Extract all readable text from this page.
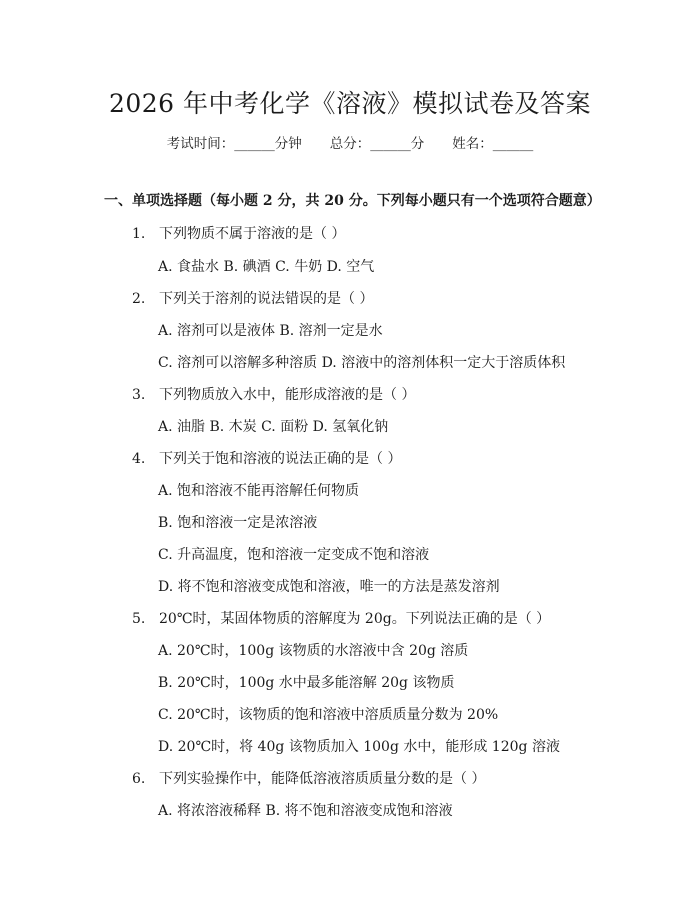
2026 年中考化学《溶液》模拟试卷及答案
考试时间：______分钟 总分：______分 姓名：______
一、单项选择题（每小题 2 分，共 20 分。下列每小题只有一个选项符合题意）
1. 下列物质不属于溶液的是（ ）
A. 食盐水 B. 碘酒 C. 牛奶 D. 空气
2. 下列关于溶剂的说法错误的是（ ）
A. 溶剂可以是液体 B. 溶剂一定是水
C. 溶剂可以溶解多种溶质 D. 溶液中的溶剂体积一定大于溶质体积
3. 下列物质放入水中，能形成溶液的是（ ）
A. 油脂 B. 木炭 C. 面粉 D. 氢氧化钠
4. 下列关于饱和溶液的说法正确的是（ ）
A. 饱和溶液不能再溶解任何物质
B. 饱和溶液一定是浓溶液
C. 升高温度，饱和溶液一定变成不饱和溶液
D. 将不饱和溶液变成饱和溶液，唯一的方法是蒸发溶剂
5. 20℃时，某固体物质的溶解度为 20g。下列说法正确的是（ ）
A. 20℃时，100g 该物质的水溶液中含 20g 溶质
B. 20℃时，100g 水中最多能溶解 20g 该物质
C. 20℃时，该物质的饱和溶液中溶质质量分数为 20%
D. 20℃时，将 40g 该物质加入 100g 水中，能形成 120g 溶液
6. 下列实验操作中，能降低溶液溶质质量分数的是（ ）
A. 将浓溶液稀释 B. 将不饱和溶液变成饱和溶液
